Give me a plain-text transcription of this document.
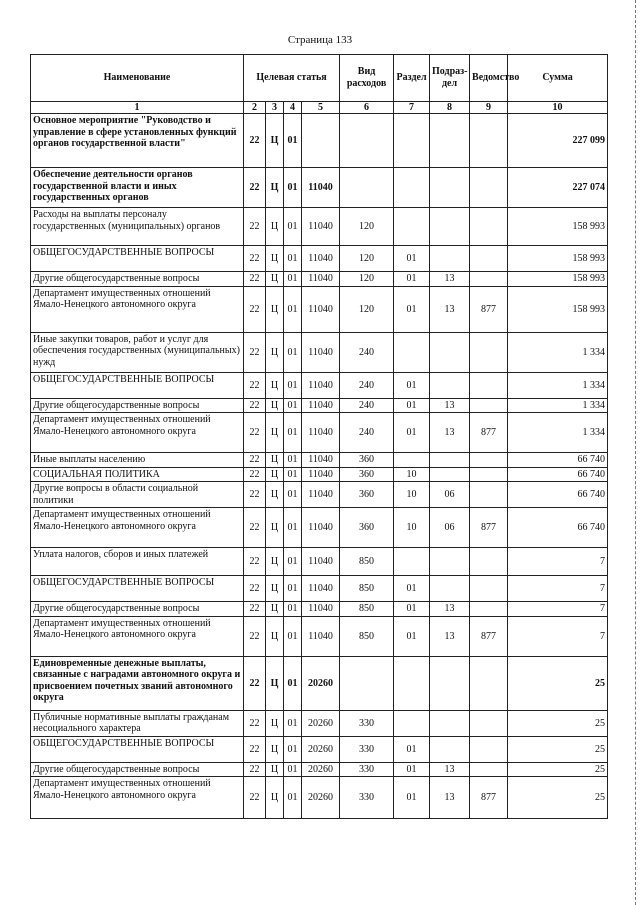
Страница 133
Наименование	Целевая статья				Вид расходов	Раздел	Подраз-дел	Ведомство	Сумма
1	2	3	4	5	6	7	8	9	10
Основное мероприятие "Руководство и управление в сфере установленных функций органов государственной власти"	22	Ц	01						227 099
Обеспечение деятельности органов государственной власти и иных государственных органов	22	Ц	01	11040					227 074
Расходы на выплаты персоналу государственных (муниципальных) органов	22	Ц	01	11040	120				158 993
ОБЩЕГОСУДАРСТВЕННЫЕ ВОПРОСЫ	22	Ц	01	11040	120	01			158 993
Другие общегосударственные вопросы	22	Ц	01	11040	120	01	13		158 993
Департамент имущественных отношений Ямало-Ненецкого автономного округа	22	Ц	01	11040	120	01	13	877	158 993
Иные закупки товаров, работ и услуг для обеспечения государственных (муниципальных) нужд	22	Ц	01	11040	240				1 334
ОБЩЕГОСУДАРСТВЕННЫЕ ВОПРОСЫ	22	Ц	01	11040	240	01			1 334
Другие общегосударственные вопросы	22	Ц	01	11040	240	01	13		1 334
Департамент имущественных отношений Ямало-Ненецкого автономного округа	22	Ц	01	11040	240	01	13	877	1 334
Иные выплаты населению	22	Ц	01	11040	360				66 740
СОЦИАЛЬНАЯ ПОЛИТИКА	22	Ц	01	11040	360	10			66 740
Другие вопросы в области социальной политики	22	Ц	01	11040	360	10	06		66 740
Департамент имущественных отношений Ямало-Ненецкого автономного округа	22	Ц	01	11040	360	10	06	877	66 740
Уплата налогов, сборов и иных платежей	22	Ц	01	11040	850				7
ОБЩЕГОСУДАРСТВЕННЫЕ ВОПРОСЫ	22	Ц	01	11040	850	01			7
Другие общегосударственные вопросы	22	Ц	01	11040	850	01	13		7
Департамент имущественных отношений Ямало-Ненецкого автономного округа	22	Ц	01	11040	850	01	13	877	7
Единовременные денежные выплаты, связанные с наградами автономного округа и присвоением почетных званий автономного округа	22	Ц	01	20260					25
Публичные нормативные выплаты гражданам несоциального характера	22	Ц	01	20260	330				25
ОБЩЕГОСУДАРСТВЕННЫЕ ВОПРОСЫ	22	Ц	01	20260	330	01			25
Другие общегосударственные вопросы	22	Ц	01	20260	330	01	13		25
Департамент имущественных отношений Ямало-Ненецкого автономного округа	22	Ц	01	20260	330	01	13	877	25
